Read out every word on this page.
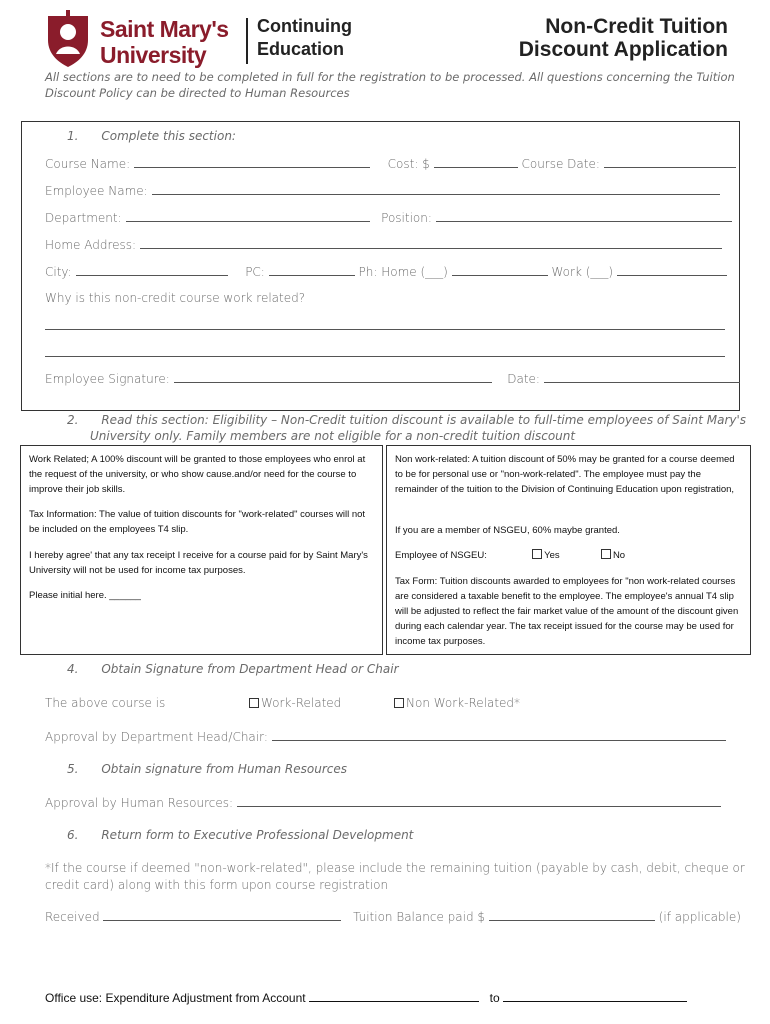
Saint Mary's
University
Continuing
Education
Non-Credit Tuition
Discount Application
All sections are to need to be completed in full for the registration to be processed. All questions concerning the Tuition
Discount Policy can be directed to Human Resources
1. Complete this section:
Course Name:	Cost: $	Course Date:
Employee Name:
Department:	Position:
Home Address:
City:	PC:	Ph: Home (___)	Work (___)
Why is this non-credit course work related?
Employee Signature:	Date:
2. Read this section: Eligibility – Non-Credit tuition discount is available to full-time employees of Saint Mary's
University only. Family members are not eligible for a non-credit tuition discount
Work Related; A 100% discount will be granted to those employees who enrol at the request of the university, or who show cause.and/or need for the course to improve their job skills.
Tax Information: The value of tuition discounts for "work-related" courses will not be included on the employees T4 slip.
I hereby agree' that any tax receipt I receive for a course paid for by Saint Mary's University will not be used for income tax purposes.
Please initial here. ______
Non work-related: A tuition discount of 50% may be granted for a course deemed to be for personal use or "non-work-related". The employee must pay the remainder of the tuition to the Division of Continuing Education upon registration,
If you are a member of NSGEU, 60% maybe granted.
Employee of NSGEU:	Yes	No
Tax Form: Tuition discounts awarded to employees for "non work-related courses are considered a taxable benefit to the employee. The employee's annual T4 slip will be adjusted to reflect the fair market value of the amount of the discount given during each calendar year. The tax receipt issued for the course may be used for income tax purposes.
4. Obtain Signature from Department Head or Chair
The above course is	Work-Related	Non Work-Related*
Approval by Department Head/Chair:
5. Obtain signature from Human Resources
Approval by Human Resources:
6. Return form to Executive Professional Development
*If the course if deemed "non-work-related", please include the remaining tuition (payable by cash, debit, cheque or
credit card) along with this form upon course registration
Received	Tuition Balance paid $	(if applicable)
Office use: Expenditure Adjustment from Account	to
